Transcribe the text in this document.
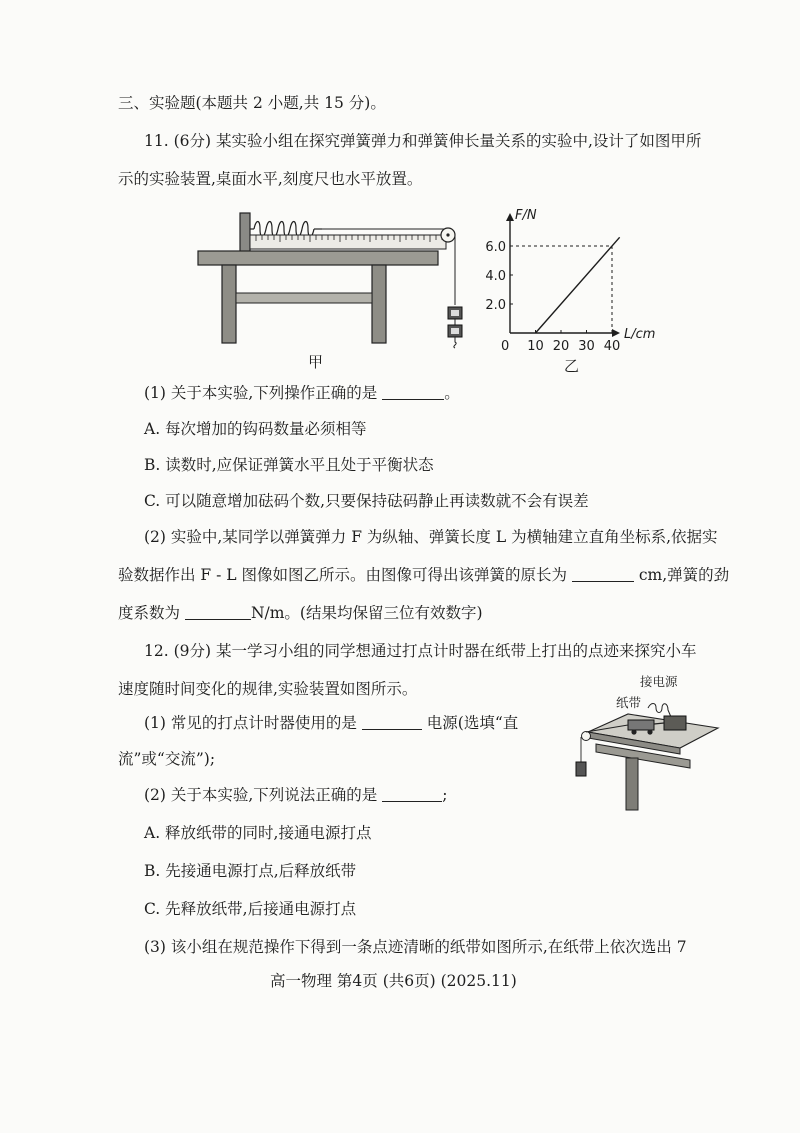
三、实验题(本题共 2 小题,共 15 分)。
11. (6分) 某实验小组在探究弹簧弹力和弹簧伸长量关系的实验中,设计了如图甲所
示的实验装置,桌面水平,刻度尺也水平放置。
甲
10 20 30 40
2.0
4.0
6.0
F/N
L/cm
0
乙
(1) 关于本实验,下列操作正确的是	。
A. 每次增加的钩码数量必须相等
B. 读数时,应保证弹簧水平且处于平衡状态
C. 可以随意增加砝码个数,只要保持砝码静止再读数就不会有误差
(2) 实验中,某同学以弹簧弹力 F 为纵轴、弹簧长度 L 为横轴建立直角坐标系,依据实
验数据作出 F - L 图像如图乙所示。由图像可得出该弹簧的原长为	cm,弹簧的劲
度系数为	N/m。(结果均保留三位有效数字)
12. (9分) 某一学习小组的同学想通过打点计时器在纸带上打出的点迹来探究小车
速度随时间变化的规律,实验装置如图所示。	接电源
纸带
(1) 常见的打点计时器使用的是	电源(选填“直
流”或“交流”);
(2) 关于本实验,下列说法正确的是	;
A. 释放纸带的同时,接通电源打点
B. 先接通电源打点,后释放纸带
C. 先释放纸带,后接通电源打点
(3) 该小组在规范操作下得到一条点迹清晰的纸带如图所示,在纸带上依次选出 7
高一物理 第4页 (共6页) (2025.11)
